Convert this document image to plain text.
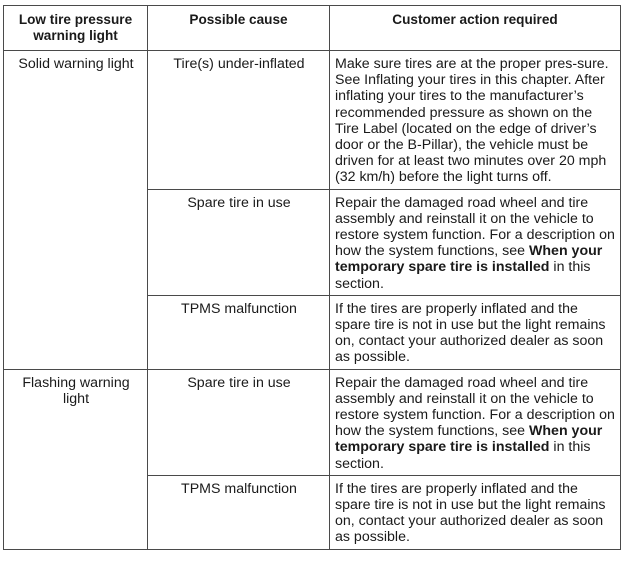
Low tire pressure
warning light	Possible cause	Customer action required
Solid warning light	Tire(s) under-inflated	Make sure tires are at the proper pres-sure. See Inflating your tires in this chapter. After inflating your tires to the manufacturer’s recommended pressure as shown on the Tire Label (located on the edge of driver’s door or the B-Pillar), the vehicle must be driven for at least two minutes over 20 mph (32 km/h) before the light turns off.
	Spare tire in use	Repair the damaged road wheel and tire assembly and reinstall it on the vehicle to restore system function. For a description on how the system functions, see When your temporary spare tire is installed in this section.
	TPMS malfunction	If the tires are properly inflated and the spare tire is not in use but the light remains on, contact your authorized dealer as soon as possible.
Flashing warning light	Spare tire in use	Repair the damaged road wheel and tire assembly and reinstall it on the vehicle to restore system function. For a description on how the system functions, see When your temporary spare tire is installed in this section.
	TPMS malfunction	If the tires are properly inflated and the spare tire is not in use but the light remains on, contact your authorized dealer as soon as possible.
